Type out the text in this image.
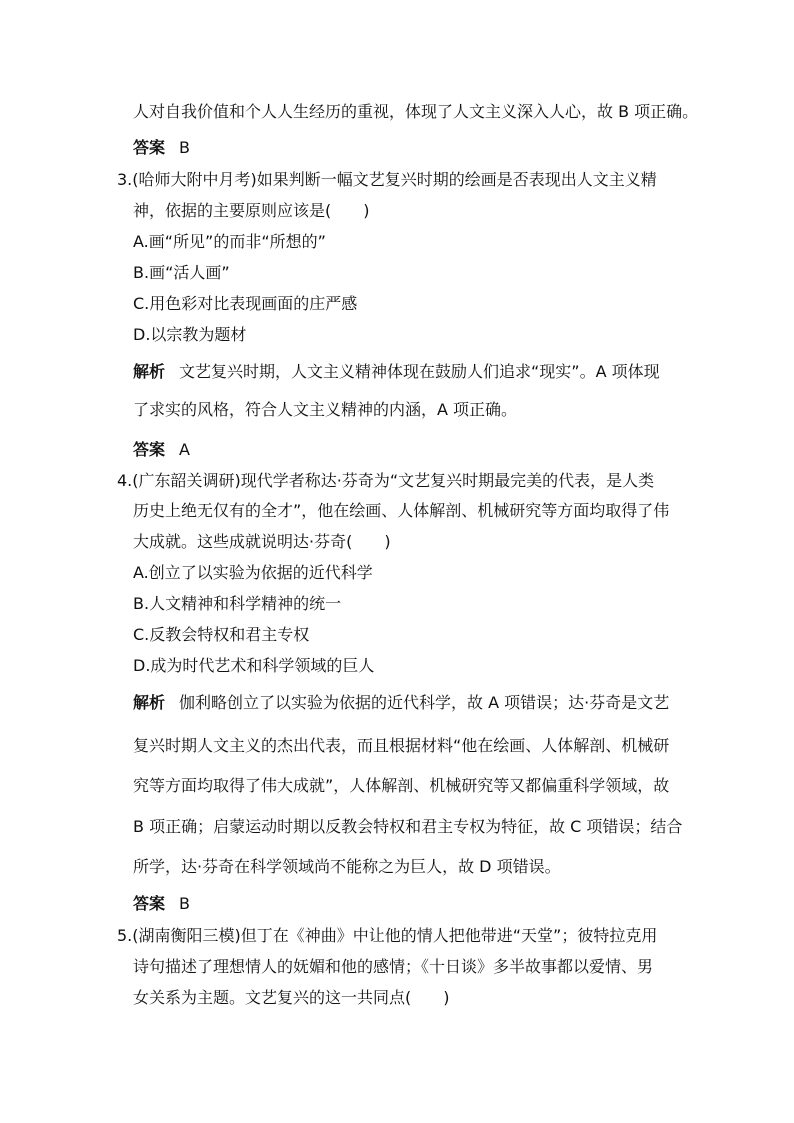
人对自我价值和个人人生经历的重视，体现了人文主义深入人心，故 B 项正确。
答案 B
3.(哈师大附中月考)如果判断一幅文艺复兴时期的绘画是否表现出人文主义精
神，依据的主要原则应该是(　　)
A.画“所见”的而非“所想的”
B.画“活人画”
C.用色彩对比表现画面的庄严感
D.以宗教为题材
解析 文艺复兴时期，人文主义精神体现在鼓励人们追求“现实”。A 项体现
了求实的风格，符合人文主义精神的内涵，A 项正确。
答案 A
4.(广东韶关调研)现代学者称达·芬奇为“文艺复兴时期最完美的代表，是人类
历史上绝无仅有的全才”，他在绘画、人体解剖、机械研究等方面均取得了伟
大成就。这些成就说明达·芬奇(　　)
A.创立了以实验为依据的近代科学
B.人文精神和科学精神的统一
C.反教会特权和君主专权
D.成为时代艺术和科学领域的巨人
解析 伽利略创立了以实验为依据的近代科学，故 A 项错误；达·芬奇是文艺
复兴时期人文主义的杰出代表，而且根据材料“他在绘画、人体解剖、机械研
究等方面均取得了伟大成就”，人体解剖、机械研究等又都偏重科学领域，故
B 项正确；启蒙运动时期以反教会特权和君主专权为特征，故 C 项错误；结合
所学，达·芬奇在科学领域尚不能称之为巨人，故 D 项错误。
答案 B
5.(湖南衡阳三模)但丁在《神曲》中让他的情人把他带进“天堂”；彼特拉克用
诗句描述了理想情人的妩媚和他的感情；《十日谈》多半故事都以爱情、男
女关系为主题。文艺复兴的这一共同点(　　)
